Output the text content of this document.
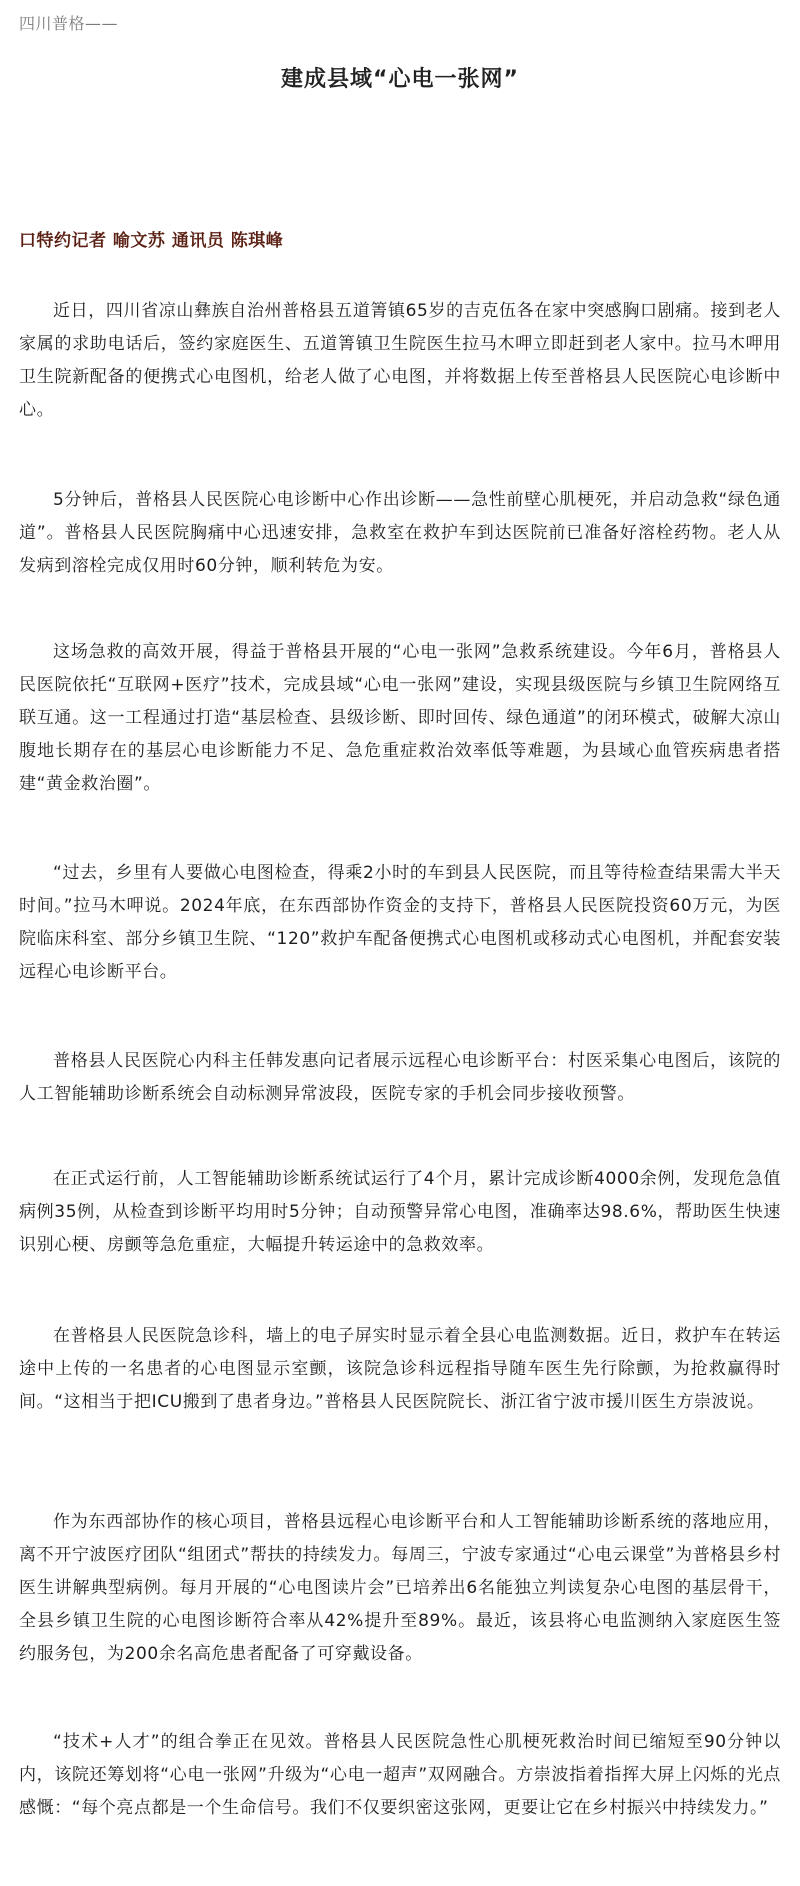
四川普格——
建成县域“心电一张网”
口特约记者 喻文苏 通讯员 陈琪峰

近日，四川省凉山彝族自治州普格县五道箐镇65岁的吉克伍各在家中突感胸口剧痛。接到老人家属的求助电话后，签约家庭医生、五道箐镇卫生院医生拉马木呷立即赶到老人家中。拉马木呷用卫生院新配备的便携式心电图机，给老人做了心电图，并将数据上传至普格县人民医院心电诊断中心。

5分钟后，普格县人民医院心电诊断中心作出诊断——急性前壁心肌梗死，并启动急救“绿色通道”。普格县人民医院胸痛中心迅速安排，急救室在救护车到达医院前已准备好溶栓药物。老人从发病到溶栓完成仅用时60分钟，顺利转危为安。

这场急救的高效开展，得益于普格县开展的“心电一张网”急救系统建设。今年6月，普格县人民医院依托“互联网+医疗”技术，完成县域“心电一张网”建设，实现县级医院与乡镇卫生院网络互联互通。这一工程通过打造“基层检查、县级诊断、即时回传、绿色通道”的闭环模式，破解大凉山腹地长期存在的基层心电诊断能力不足、急危重症救治效率低等难题，为县域心血管疾病患者搭建“黄金救治圈”。

“过去，乡里有人要做心电图检查，得乘2小时的车到县人民医院，而且等待检查结果需大半天时间。”拉马木呷说。2024年底，在东西部协作资金的支持下，普格县人民医院投资60万元，为医院临床科室、部分乡镇卫生院、“120”救护车配备便携式心电图机或移动式心电图机，并配套安装远程心电诊断平台。

普格县人民医院心内科主任韩发惠向记者展示远程心电诊断平台：村医采集心电图后，该院的人工智能辅助诊断系统会自动标测异常波段，医院专家的手机会同步接收预警。

在正式运行前，人工智能辅助诊断系统试运行了4个月，累计完成诊断4000余例，发现危急值病例35例，从检查到诊断平均用时5分钟；自动预警异常心电图，准确率达98.6%，帮助医生快速识别心梗、房颤等急危重症，大幅提升转运途中的急救效率。

在普格县人民医院急诊科，墙上的电子屏实时显示着全县心电监测数据。近日，救护车在转运途中上传的一名患者的心电图显示室颤，该院急诊科远程指导随车医生先行除颤，为抢救赢得时间。“这相当于把ICU搬到了患者身边。”普格县人民医院院长、浙江省宁波市援川医生方崇波说。

作为东西部协作的核心项目，普格县远程心电诊断平台和人工智能辅助诊断系统的落地应用，离不开宁波医疗团队“组团式”帮扶的持续发力。每周三，宁波专家通过“心电云课堂”为普格县乡村医生讲解典型病例。每月开展的“心电图读片会”已培养出6名能独立判读复杂心电图的基层骨干，全县乡镇卫生院的心电图诊断符合率从42%提升至89%。最近，该县将心电监测纳入家庭医生签约服务包，为200余名高危患者配备了可穿戴设备。

“技术+人才”的组合拳正在见效。普格县人民医院急性心肌梗死救治时间已缩短至90分钟以内，该院还筹划将“心电一张网”升级为“心电一超声”双网融合。方崇波指着指挥大屏上闪烁的光点感慨：“每个亮点都是一个生命信号。我们不仅要织密这张网，更要让它在乡村振兴中持续发力。”
